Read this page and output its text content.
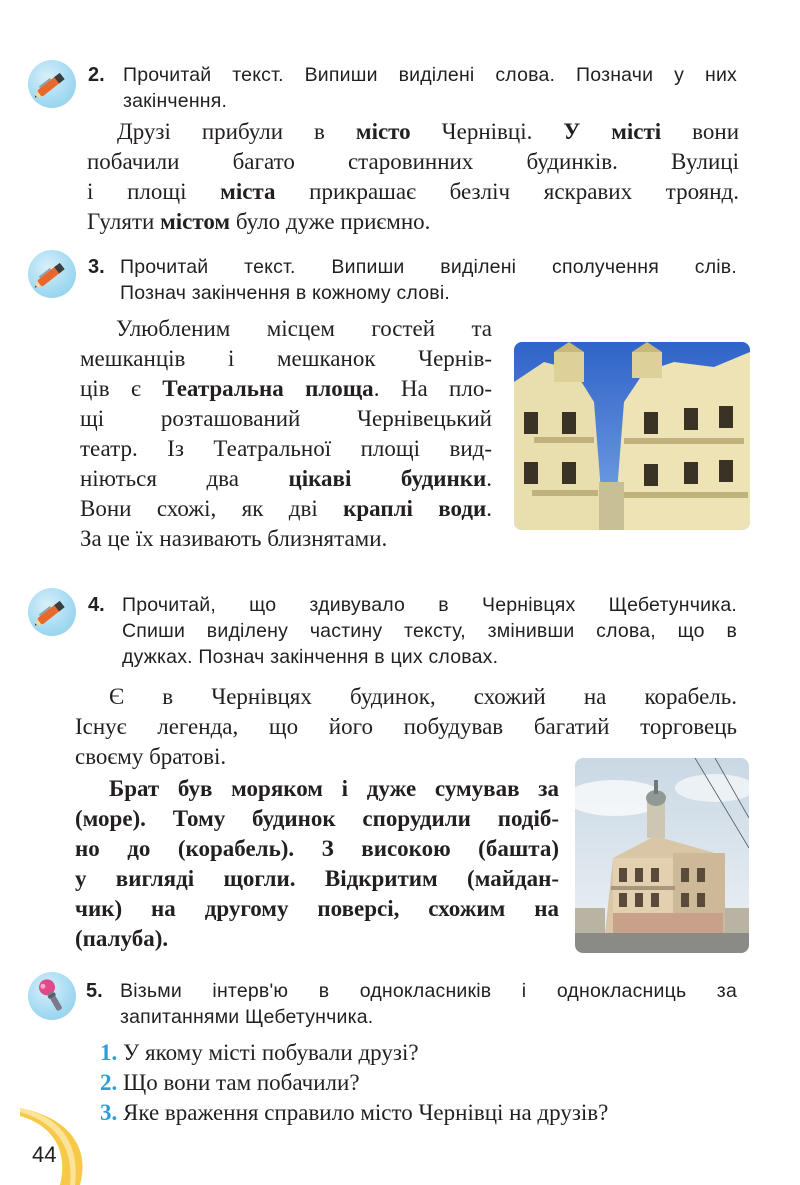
2. Прочитай текст. Випиши виділені слова. Позначи у них
закінчення.
Друзі прибули в місто Чернівці. У місті вони
побачили багато старовинних будинків. Вулиці
і площі міста прикрашає безліч яскравих троянд.
Гуляти містом було дуже приємно.
3. Прочитай текст. Випиши виділені сполучення слів.
Познач закінчення в кожному слові.
Улюбленим місцем гостей та
мешканців і мешканок Чернів-
ців є Театральна площа. На пло-
щі розташований Чернівецький
театр. Із Театральної площі вид-
ніються два цікаві будинки.
Вони схожі, як дві краплі води.
За це їх називають близнятами.
4. Прочитай, що здивувало в Чернівцях Щебетунчика.
Спиши виділену частину тексту, змінивши слова, що в
дужках. Познач закінчення в цих словах.
Є в Чернівцях будинок, схожий на корабель.
Існує легенда, що його побудував багатий торговець
своєму братові.
Брат був моряком і дуже сумував за
(море). Тому будинок спорудили подіб-
но до (корабель). З високою (башта)
у вигляді щогли. Відкритим (майдан-
чик) на другому поверсі, схожим на
(палуба).
5. Візьми інтерв'ю в однокласників і однокласниць за
запитаннями Щебетунчика.
1. У якому місті побували друзі?
2. Що вони там побачили?
3. Яке враження справило місто Чернівці на друзів?
44
